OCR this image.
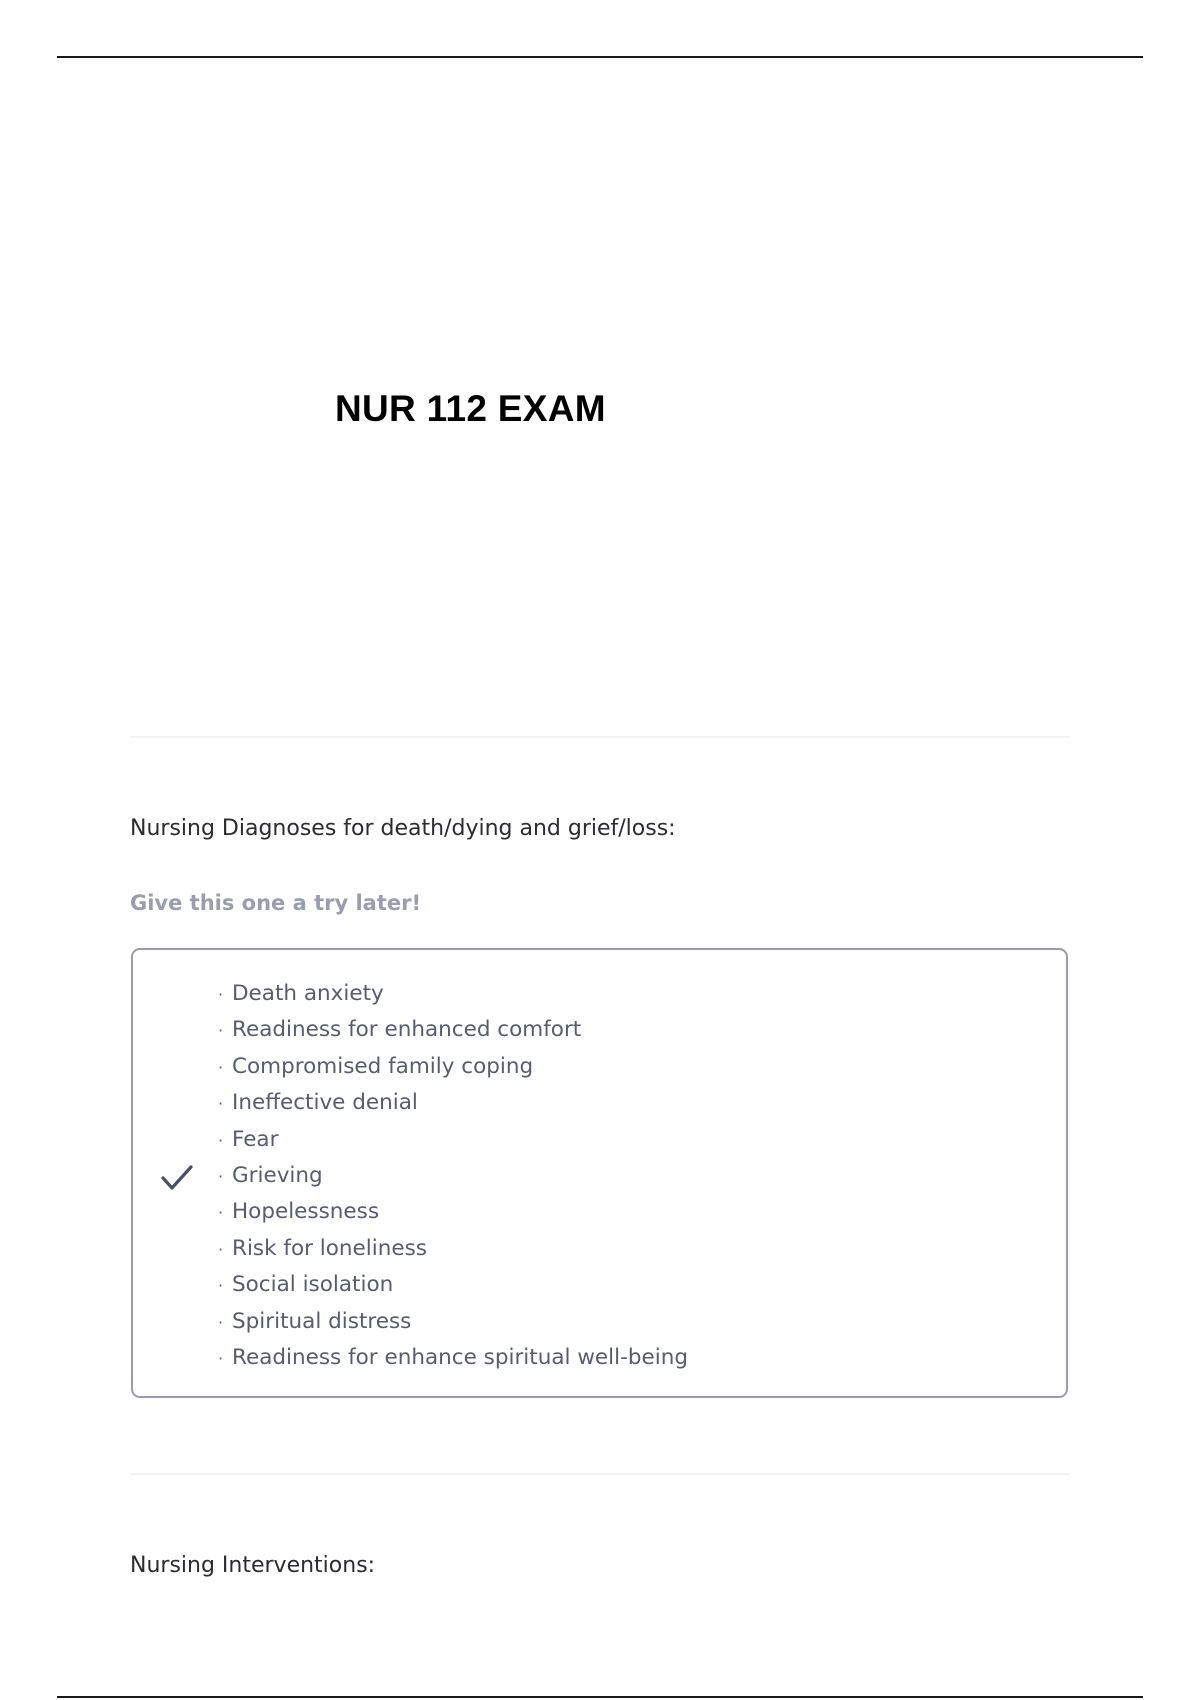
NUR 112 EXAM
Nursing Diagnoses for death/dying and grief/loss:
Give this one a try later!
· Death anxiety
· Readiness for enhanced comfort
· Compromised family coping
· Ineffective denial
· Fear
· Grieving
· Hopelessness
· Risk for loneliness
· Social isolation
· Spiritual distress
· Readiness for enhance spiritual well-being
Nursing Interventions:
